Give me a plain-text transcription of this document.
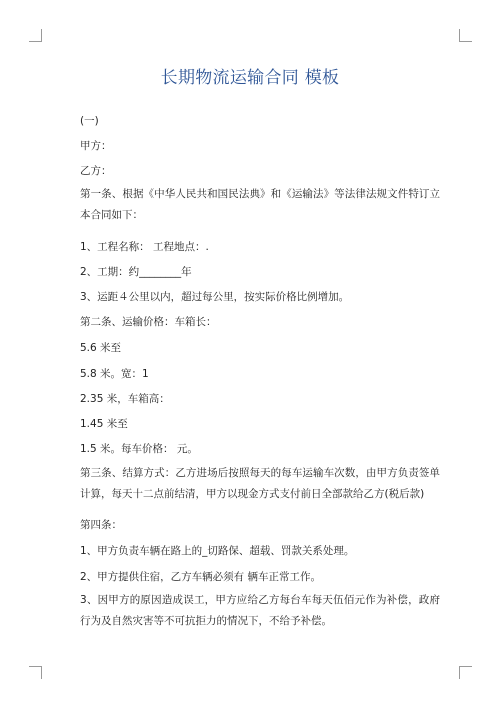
长期物流运输合同 模板
(一)
甲方：
乙方：
第一条、根据《中华人民共和国民法典》和《运输法》等法律法规文件特订立本合同如下：
1、工程名称： 工程地点：.
2、工期：约________年
3、运距４公里以内，超过每公里，按实际价格比例增加。
第二条、运输价格：车箱长：
5.6 米至
5.8 米。宽：1
2.35 米，车箱高：
1.45 米至
1.5 米。每车价格： 元。
第三条、结算方式：乙方进场后按照每天的每车运输车次数，由甲方负责签单计算，每天十二点前结清，甲方以现金方式支付前日全部款给乙方(税后款)
第四条：
1、甲方负责车辆在路上的_切路保、超载、罚款关系处理。
2、甲方提供住宿，乙方车辆必须有 辆车正常工作。
3、因甲方的原因造成误工，甲方应给乙方每台车每天伍佰元作为补偿，政府行为及自然灾害等不可抗拒力的情况下，不给予补偿。
